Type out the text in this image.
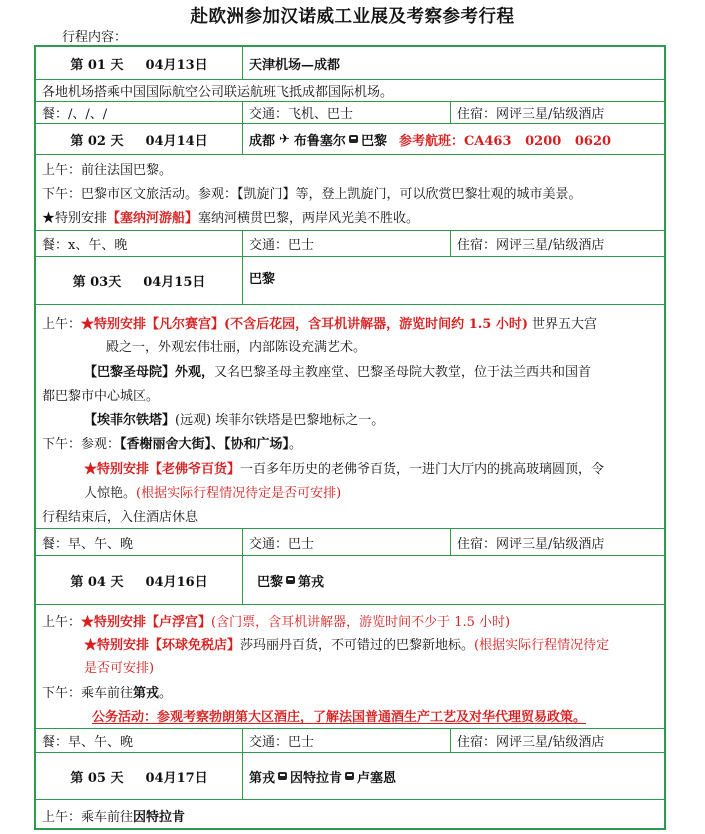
赴欧洲参加汉诺威工业展及考察参考行程
行程内容：
第 01 天 04月13日	天津机场—成都
各地机场搭乘中国国际航空公司联运航班飞抵成都国际机场。
餐：/、/、/	交通：飞机、巴士	住宿：网评三星/钻级酒店
第 02 天 04月14日	成都 ✈ 布鲁塞尔 巴黎 参考航班：CA463   0200   0620
上午：前往法国巴黎。
下午：巴黎市区文旅活动。参观：【凯旋门】等，登上凯旋门，可以欣赏巴黎壮观的城市美景。
★特别安排【塞纳河游船】塞纳河横贯巴黎，两岸风光美不胜收。
餐：x、午、晚	交通：巴士	住宿：网评三星/钻级酒店
第 03天 04月15日	巴黎
上午：★特别安排【凡尔赛宫】(不含后花园，含耳机讲解器，游览时间约 1.5 小时) 世界五大宫
殿之一，外观宏伟壮丽，内部陈设充满艺术。
【巴黎圣母院】外观，又名巴黎圣母主教座堂、巴黎圣母院大教堂，位于法兰西共和国首
都巴黎市中心城区。
【埃菲尔铁塔】(远观) 埃菲尔铁塔是巴黎地标之一。
下午：参观：【香榭丽舍大街】、【协和广场】。
★特别安排【老佛爷百货】一百多年历史的老佛爷百货，一进门大厅内的挑高玻璃圆顶，令
人惊艳。(根据实际行程情况待定是否可安排)
行程结束后，入住酒店休息
餐：早、午、晚	交通：巴士	住宿：网评三星/钻级酒店
第 04 天 04月16日	巴黎 第戎
上午：★特别安排【卢浮宫】(含门票，含耳机讲解器，游览时间不少于 1.5 小时)
★特别安排【环球免税店】莎玛丽丹百货，不可错过的巴黎新地标。(根据实际行程情况待定
是否可安排)
下午：乘车前往第戎。
公务活动：参观考察勃朗第大区酒庄，了解法国普通酒生产工艺及对华代理贸易政策。
餐：早、午、晚	交通：巴士	住宿：网评三星/钻级酒店
第 05 天 04月17日	第戎 因特拉肯 卢塞恩
上午：乘车前往因特拉肯
